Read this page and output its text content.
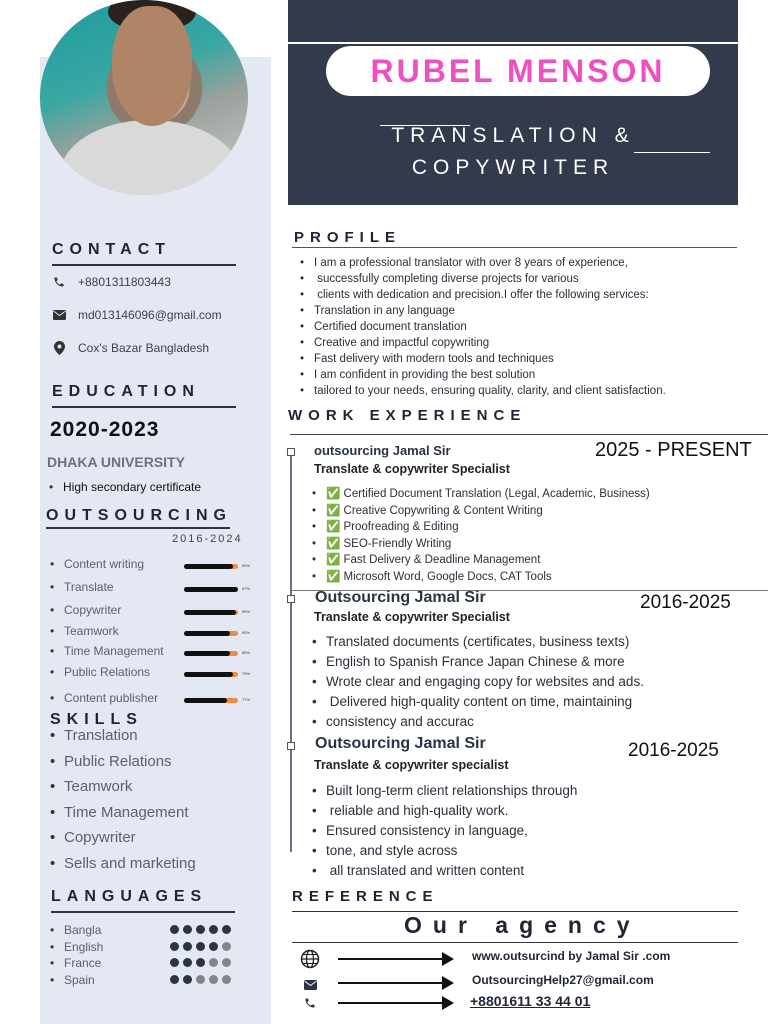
RUBEL MENSON
TRANSLATION &
COPYWRITER
CONTACT
+8801311803443
md013146096@gmail.com
Cox's Bazar Bangladesh
EDUCATION
2020-2023
DHAKA UNIVERSITY
• High secondary certificate
OUTSOURCING
2016-2024
• Content writing
• Translate
• Copywriter
• Teamwork
• Time Management
• Public Relations
• Content publisher
90%
97%
95%
90%
85%
75%
77%
SKILLS
• Translation
• Public Relations
• Teamwork
• Time Management
• Copywriter
• Sells and marketing
LANGUAGES
• Bangla
• English
• France
• Spain
PROFILE
• I am a professional translator with over 8 years of experience,
•  successfully completing diverse projects for various
•  clients with dedication and precision.I offer the following services:
• Translation in any language
• Certified document translation
• Creative and impactful copywriting
• Fast delivery with modern tools and techniques
• I am confident in providing the best solution
• tailored to your needs, ensuring quality, clarity, and client satisfaction.
WORK EXPERIENCE
outsourcing Jamal Sir
Translate & copywriter Specialist
2025 - PRESENT
• ✅ Certified Document Translation (Legal, Academic, Business)
• ✅ Creative Copywriting & Content Writing
• ✅ Proofreading & Editing
• ✅ SEO-Friendly Writing
• ✅ Fast Delivery & Deadline Management
• ✅ Microsoft Word, Google Docs, CAT Tools
Outsourcing Jamal Sir
Translate & copywriter Specialist
2016-2025
• Translated documents (certificates, business texts)
• English to Spanish France Japan Chinese & more
• Wrote clear and engaging copy for websites and ads.
•  Delivered high-quality content on time, maintaining
• consistency and accurac
Outsourcing Jamal Sir
Translate & copywriter specialist
2016-2025
• Built long-term client relationships through
•  reliable and high-quality work.
• Ensured consistency in language,
• tone, and style across
•  all translated and written content
REFERENCE
Our agency
www.outsurcind by Jamal Sir .com
OutsourcingHelp27@gmail.com
+8801611 33 44 01
